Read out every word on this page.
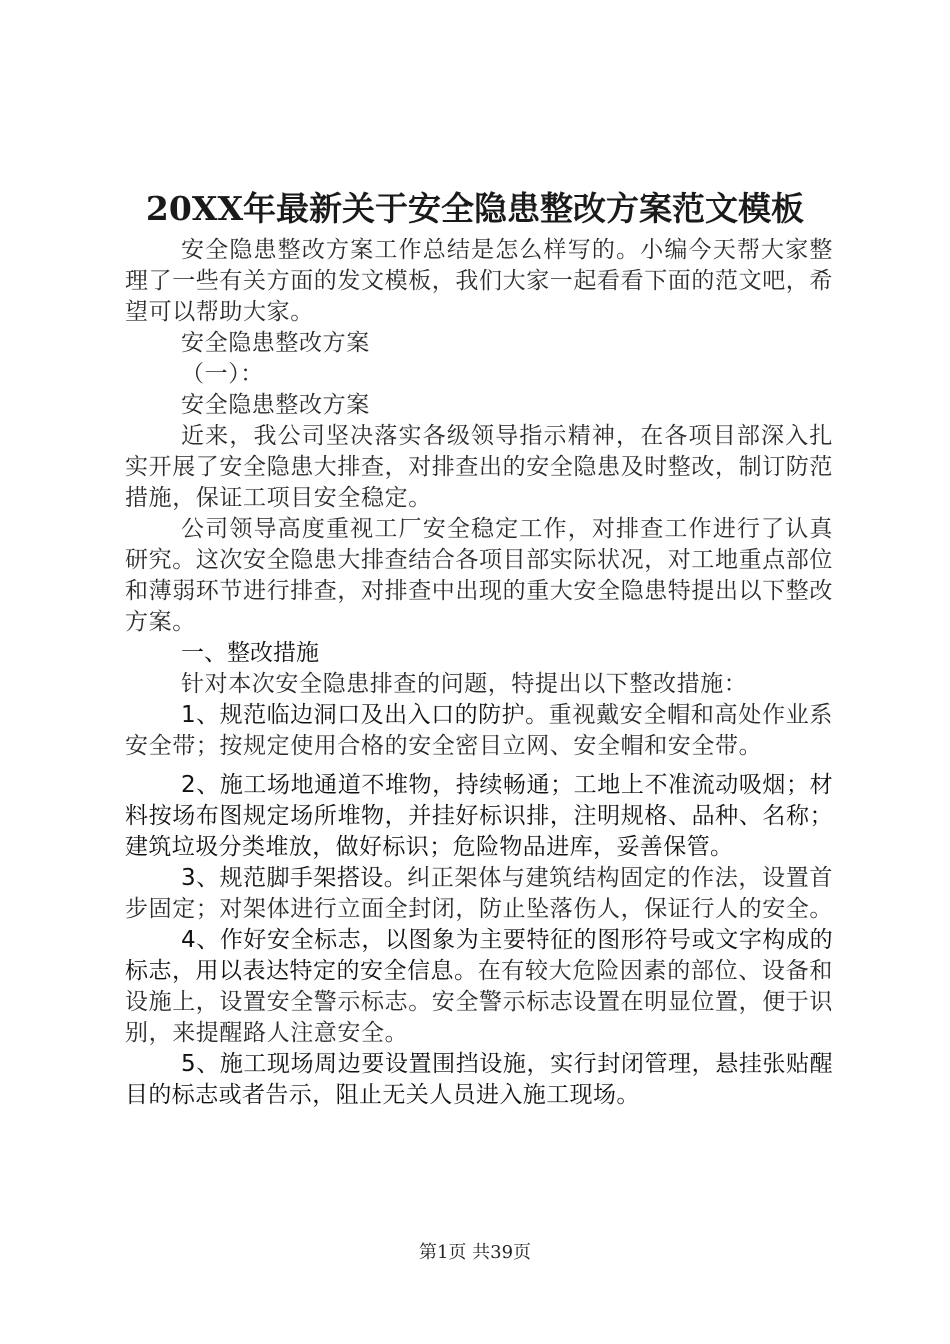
20XX年最新关于安全隐患整改方案范文模板

安全隐患整改方案工作总结是怎么样写的。小编今天帮大家整理了一些有关方面的发文模板，我们大家一起看看下面的范文吧，希望可以帮助大家。

安全隐患整改方案

（一）：

安全隐患整改方案

近来，我公司坚决落实各级领导指示精神，在各项目部深入扎实开展了安全隐患大排查，对排查出的安全隐患及时整改，制订防范措施，保证工项目安全稳定。

公司领导高度重视工厂安全稳定工作，对排查工作进行了认真研究。这次安全隐患大排查结合各项目部实际状况，对工地重点部位和薄弱环节进行排查，对排查中出现的重大安全隐患特提出以下整改方案。

一、整改措施

针对本次安全隐患排查的问题，特提出以下整改措施：

1、规范临边洞口及出入口的防护。重视戴安全帽和高处作业系安全带；按规定使用合格的安全密目立网、安全帽和安全带。

2、施工场地通道不堆物，持续畅通；工地上不准流动吸烟；材料按场布图规定场所堆物，并挂好标识排，注明规格、品种、名称；建筑垃圾分类堆放，做好标识；危险物品进库，妥善保管。

3、规范脚手架搭设。纠正架体与建筑结构固定的作法，设置首步固定；对架体进行立面全封闭，防止坠落伤人，保证行人的安全。

4、作好安全标志，以图象为主要特征的图形符号或文字构成的标志，用以表达特定的安全信息。在有较大危险因素的部位、设备和设施上，设置安全警示标志。安全警示标志设置在明显位置，便于识别，来提醒路人注意安全。

5、施工现场周边要设置围挡设施，实行封闭管理，悬挂张贴醒目的标志或者告示，阻止无关人员进入施工现场。

第1页 共39页
